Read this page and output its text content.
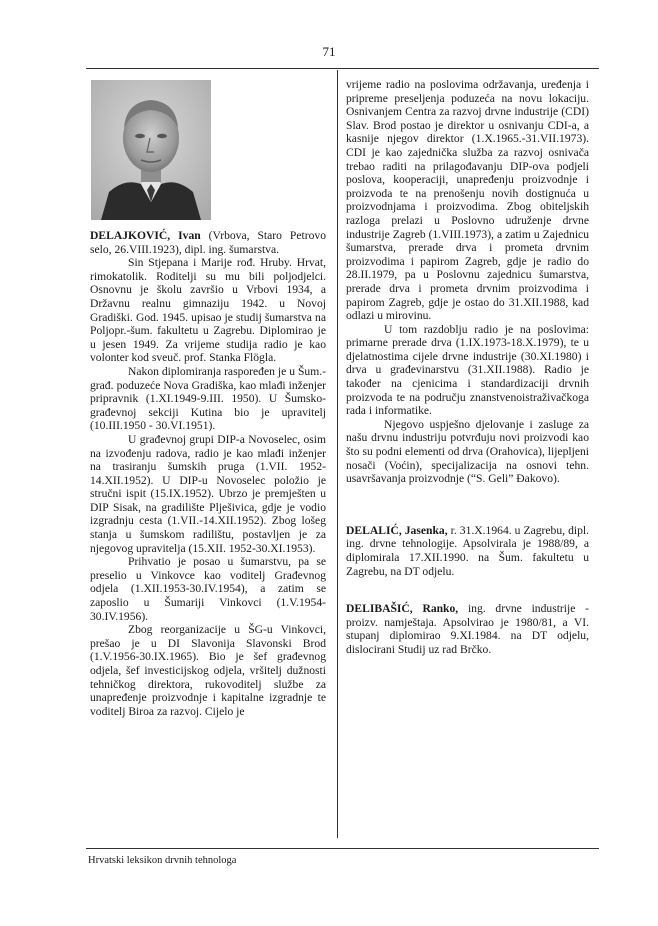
71

DELAJKOVIĆ, Ivan (Vrbova, Staro Petrovo selo, 26.VIII.1923), dipl. ing. šumarstva.

Sin Stjepana i Marije rođ. Hruby. Hrvat, rimokatolik. Roditelji su mu bili poljodjelci. Osnovnu je školu završio u Vrbovi 1934, a Državnu realnu gimnaziju 1942. u Novoj Gradiški. God. 1945. upisao je studij šumarstva na Poljopr.-šum. fakultetu u Zagrebu. Diplomirao je u jesen 1949. Za vrijeme studija radio je kao volonter kod sveuč. prof. Stanka Flögla.

Nakon diplomiranja raspoređen je u Šum.-građ. poduzeće Nova Gradiška, kao mlađi inženjer pripravnik (1.XI.1949-9.III. 1950). U Šumsko-građevnoj sekciji Kutina bio je upravitelj (10.III.1950 - 30.VI.1951).

U građevnoj grupi DIP-a Novoselec, osim na izvođenju radova, radio je kao mlađi inženjer na trasiranju šumskih pruga (1.VII. 1952-14.XII.1952). U DIP-u Novoselec položio je stručni ispit (15.IX.1952). Ubrzo je premješten u DIP Sisak, na gradilište Plješivica, gdje je vodio izgradnju cesta (1.VII.-14.XII.1952). Zbog lošeg stanja u šumskom radilištu, postavljen je za njegovog upravitelja (15.XII. 1952-30.XI.1953).

Prihvatio je posao u šumarstvu, pa se preselio u Vinkovce kao voditelj Građevnog odjela (1.XII.1953-30.IV.1954), a zatim se zaposlio u Šumariji Vinkovci (1.V.1954-30.IV.1956).

Zbog reorganizacije u ŠG-u Vinkovci, prešao je u DI Slavonija Slavonski Brod (1.V.1956-30.IX.1965). Bio je šef građevnog odjela, šef investicijskog odjela, vršitelj dužnosti tehničkog direktora, rukovoditelj službe za unapređenje proizvodnje i kapitalne izgradnje te voditelj Biroa za razvoj. Cijelo je

vrijeme radio na poslovima održavanja, uređenja i pripreme preseljenja poduzeća na novu lokaciju. Osnivanjem Centra za razvoj drvne industrije (CDI) Slav. Brod postao je direktor u osnivanju CDI-a, a kasnije njegov direktor (1.X.1965.-31.VII.1973). CDI je kao zajednička služba za razvoj osnivača trebao raditi na prilagođavanju DIP-ova podjeli poslova, kooperaciji, unapređenju proizvodnje i proizvoda te na prenošenju novih dostignuća u proizvodnjama i proizvodima. Zbog obiteljskih razloga prelazi u Poslovno udruženje drvne industrije Zagreb (1.VIII.1973), a zatim u Zajednicu šumarstva, prerade drva i prometa drvnim proizvodima i papirom Zagreb, gdje je radio do 28.II.1979, pa u Poslovnu zajednicu šumarstva, prerade drva i prometa drvnim proizvodima i papirom Zagreb, gdje je ostao do 31.XII.1988, kad odlazi u mirovinu.

U tom razdoblju radio je na poslovima: primarne prerade drva (1.IX.1973-18.X.1979), te u djelatnostima cijele drvne industrije (30.XI.1980) i drva u građevinarstvu (31.XII.1988). Radio je također na cjenicima i standardizaciji drvnih proizvoda te na području znanstvenoistraživačkoga rada i informatike.

Njegovo uspješno djelovanje i zasluge za našu drvnu industriju potvrđuju novi proizvodi kao što su podni elementi od drva (Orahovica), lijepljeni nosači (Voćin), specijalizacija na osnovi tehn. usavršavanja proizvodnje (“S. Geli” Đakovo).

DELALIĆ, Jasenka, r. 31.X.1964. u Zagrebu, dipl. ing. drvne tehnologije. Apsolvirala je 1988/89, a diplomirala 17.XII.1990. na Šum. fakultetu u Zagrebu, na DT odjelu.

DELIBAŠIĆ, Ranko, ing. drvne industrije - proizv. namještaja. Apsolvirao je 1980/81, a VI. stupanj diplomirao 9.XI.1984. na DT odjelu, dislocirani Studij uz rad Brčko.

Hrvatski leksikon drvnih tehnologa
